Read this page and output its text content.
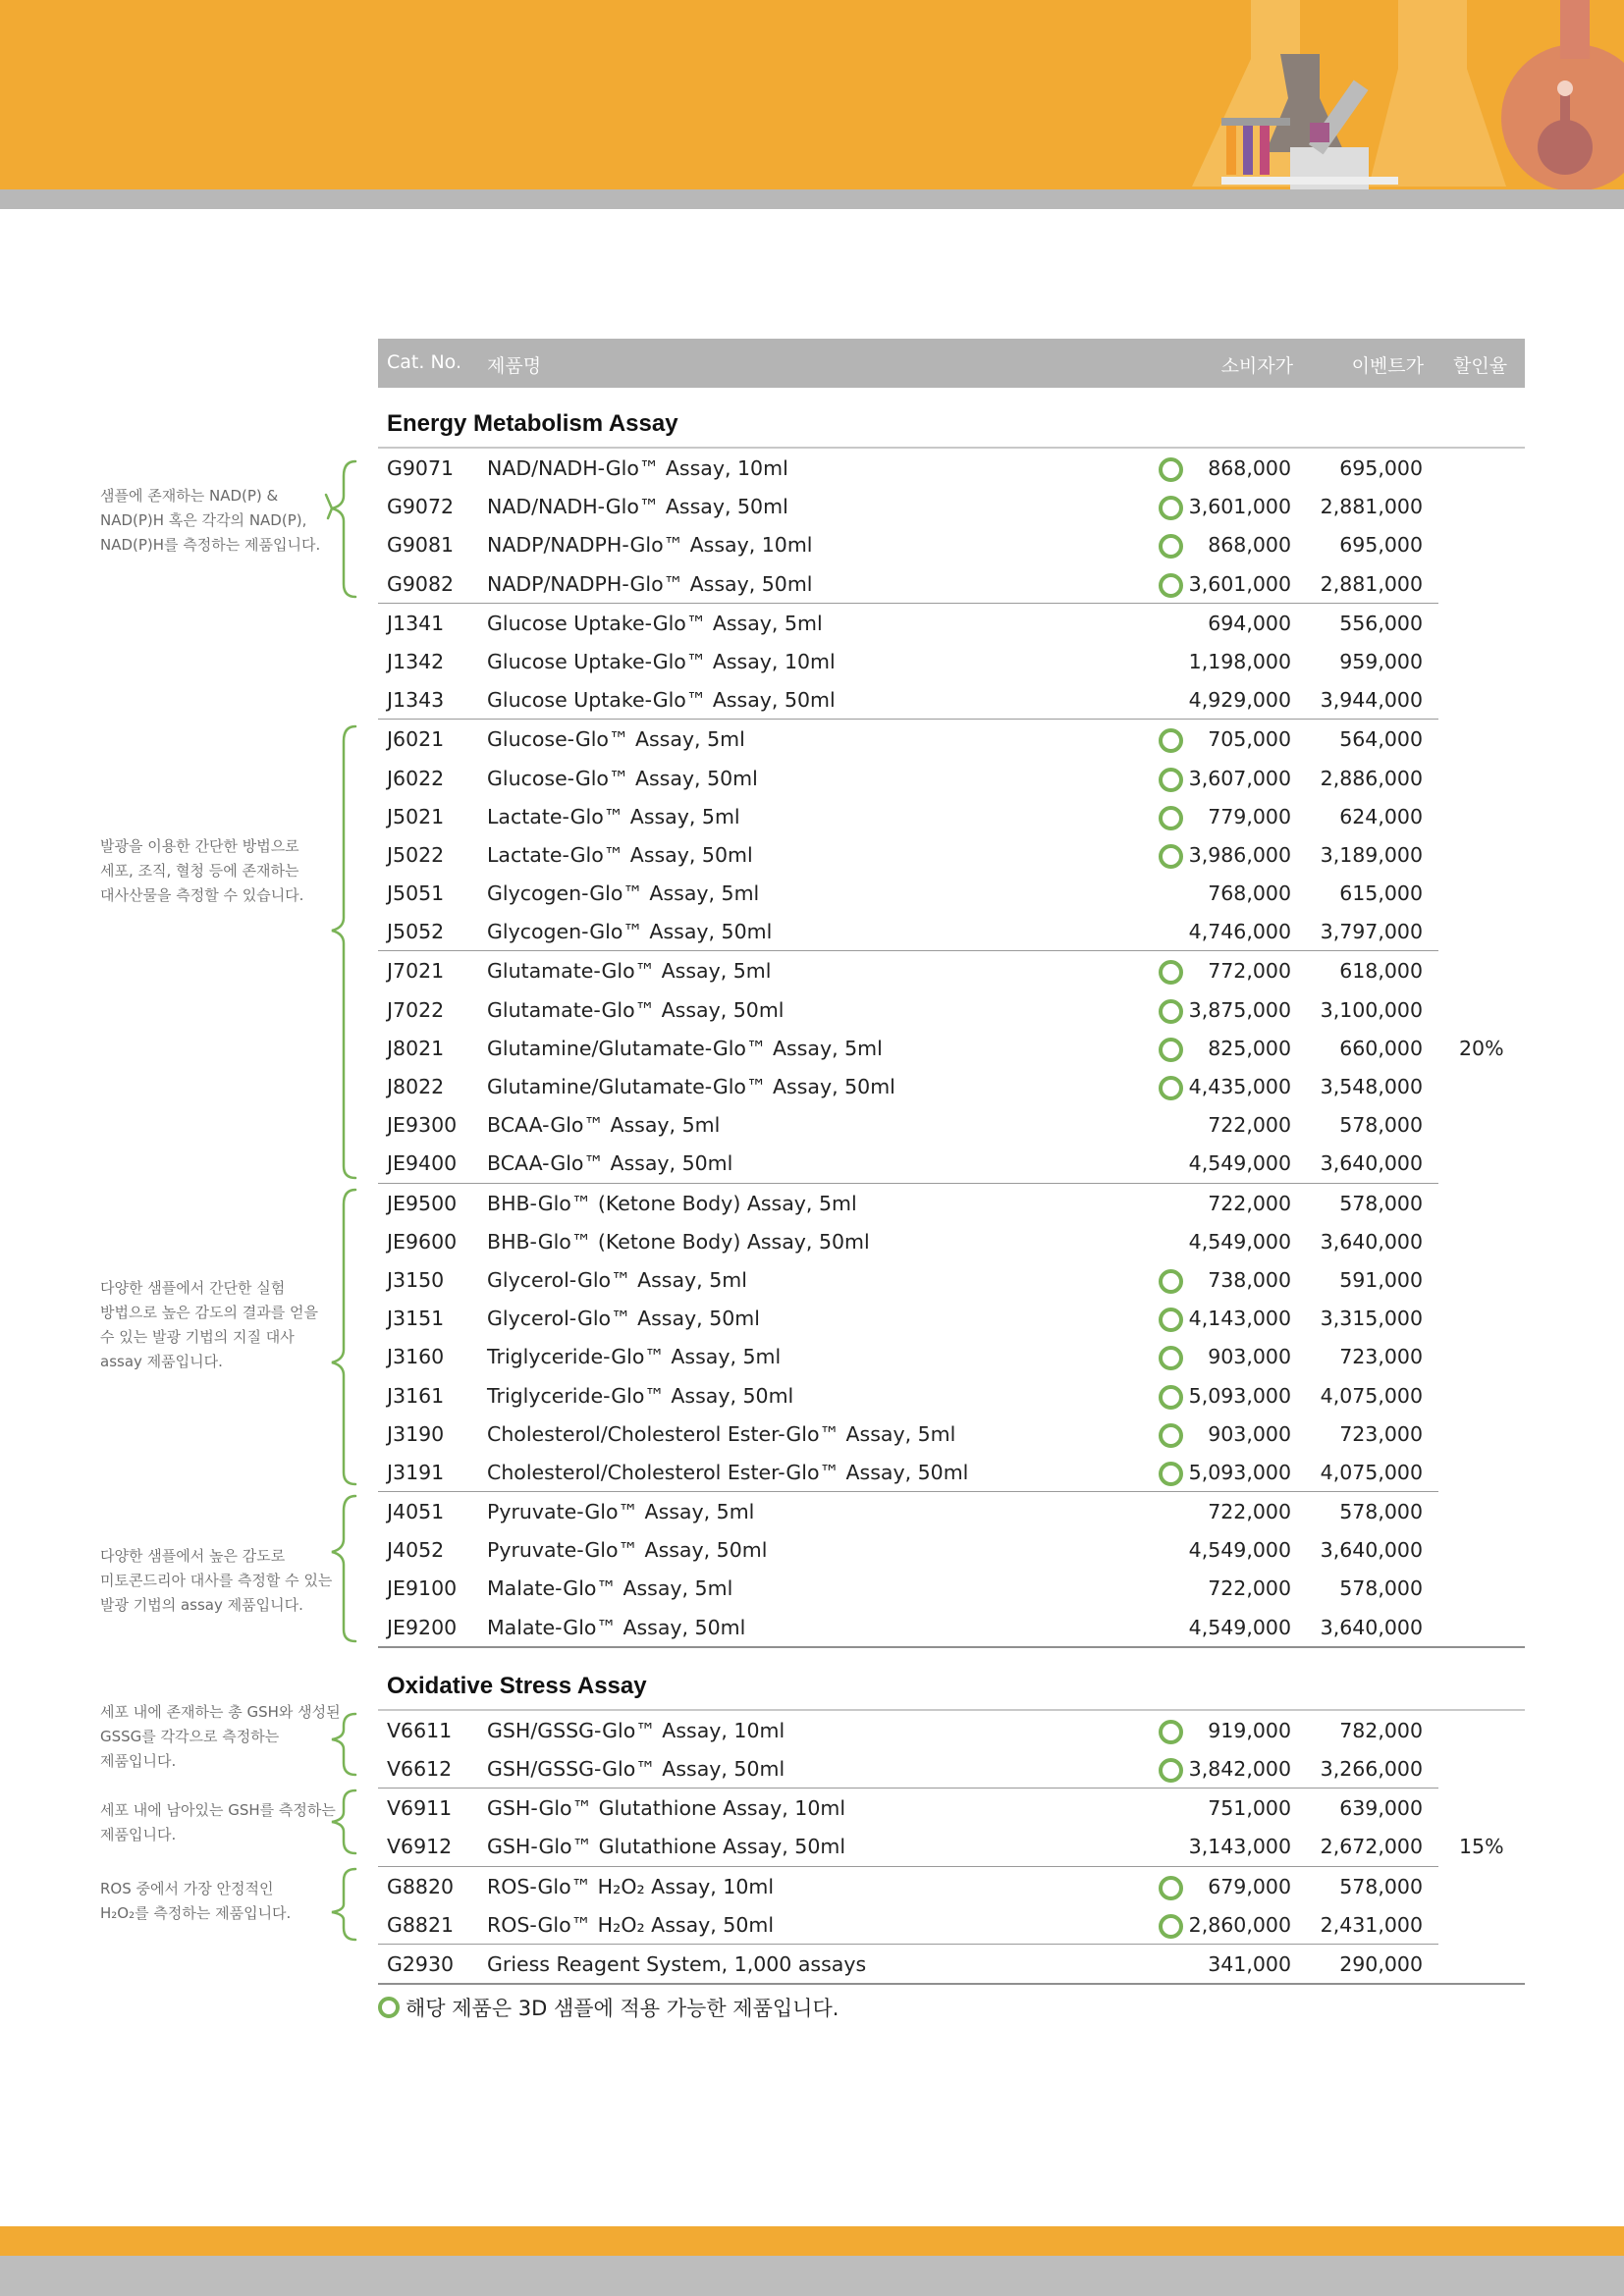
Cat. No. 제품명	소비자가	이벤트가 할인율
Energy Metabolism Assay
G9071 NAD/NADH-Glo™ Assay, 10ml	868,000 695,000
G9072 NAD/NADH-Glo™ Assay, 50ml	3,601,000 2,881,000
G9081 NADP/NADPH-Glo™ Assay, 10ml	868,000 695,000
G9082 NADP/NADPH-Glo™ Assay, 50ml	3,601,000 2,881,000
J1341 Glucose Uptake-Glo™ Assay, 5ml	694,000 556,000
J1342 Glucose Uptake-Glo™ Assay, 10ml	1,198,000 959,000
J1343 Glucose Uptake-Glo™ Assay, 50ml	4,929,000 3,944,000
J6021 Glucose-Glo™ Assay, 5ml	705,000 564,000
J6022 Glucose-Glo™ Assay, 50ml	3,607,000 2,886,000
J5021 Lactate-Glo™ Assay, 5ml	779,000 624,000
J5022 Lactate-Glo™ Assay, 50ml	3,986,000 3,189,000
J5051 Glycogen-Glo™ Assay, 5ml	768,000 615,000
J5052 Glycogen-Glo™ Assay, 50ml	4,746,000 3,797,000
J7021 Glutamate-Glo™ Assay, 5ml	772,000 618,000
J7022 Glutamate-Glo™ Assay, 50ml	3,875,000 3,100,000
J8021 Glutamine/Glutamate-Glo™ Assay, 5ml	825,000 660,000 20%
J8022 Glutamine/Glutamate-Glo™ Assay, 50ml	4,435,000 3,548,000
JE9300 BCAA-Glo™ Assay, 5ml	722,000 578,000
JE9400 BCAA-Glo™ Assay, 50ml	4,549,000 3,640,000
JE9500 BHB-Glo™ (Ketone Body) Assay, 5ml	722,000 578,000
JE9600 BHB-Glo™ (Ketone Body) Assay, 50ml	4,549,000 3,640,000
J3150 Glycerol-Glo™ Assay, 5ml	738,000 591,000
J3151 Glycerol-Glo™ Assay, 50ml	4,143,000 3,315,000
J3160 Triglyceride-Glo™ Assay, 5ml	903,000 723,000
J3161 Triglyceride-Glo™ Assay, 50ml	5,093,000 4,075,000
J3190 Cholesterol/Cholesterol Ester-Glo™ Assay, 5ml	903,000 723,000
J3191 Cholesterol/Cholesterol Ester-Glo™ Assay, 50ml	5,093,000 4,075,000
J4051 Pyruvate-Glo™ Assay, 5ml	722,000 578,000
J4052 Pyruvate-Glo™ Assay, 50ml	4,549,000 3,640,000
JE9100 Malate-Glo™ Assay, 5ml	722,000 578,000
JE9200 Malate-Glo™ Assay, 50ml	4,549,000 3,640,000
Oxidative Stress Assay
V6611 GSH/GSSG-Glo™ Assay, 10ml	919,000 782,000
V6612 GSH/GSSG-Glo™ Assay, 50ml	3,842,000 3,266,000
V6911 GSH-Glo™ Glutathione Assay, 10ml	751,000 639,000
V6912 GSH-Glo™ Glutathione Assay, 50ml	3,143,000 2,672,000 15%
G8820 ROS-Glo™ H₂O₂ Assay, 10ml	679,000 578,000
G8821 ROS-Glo™ H₂O₂ Assay, 50ml	2,860,000 2,431,000
G2930 Griess Reagent System, 1,000 assays	341,000 290,000
샘플에 존재하는 NAD(P) &
NAD(P)H 혹은 각각의 NAD(P),
NAD(P)H를 측정하는 제품입니다.
발광을 이용한 간단한 방법으로
세포, 조직, 혈청 등에 존재하는
대사산물을 측정할 수 있습니다.
다양한 샘플에서 간단한 실험
방법으로 높은 감도의 결과를 얻을
수 있는 발광 기법의 지질 대사
assay 제품입니다.
다양한 샘플에서 높은 감도로
미토콘드리아 대사를 측정할 수 있는
발광 기법의 assay 제품입니다.
세포 내에 존재하는 총 GSH와 생성된
GSSG를 각각으로 측정하는
제품입니다.
세포 내에 남아있는 GSH를 측정하는
제품입니다.
ROS 중에서 가장 안정적인
H₂O₂를 측정하는 제품입니다.
해당 제품은 3D 샘플에 적용 가능한 제품입니다.
